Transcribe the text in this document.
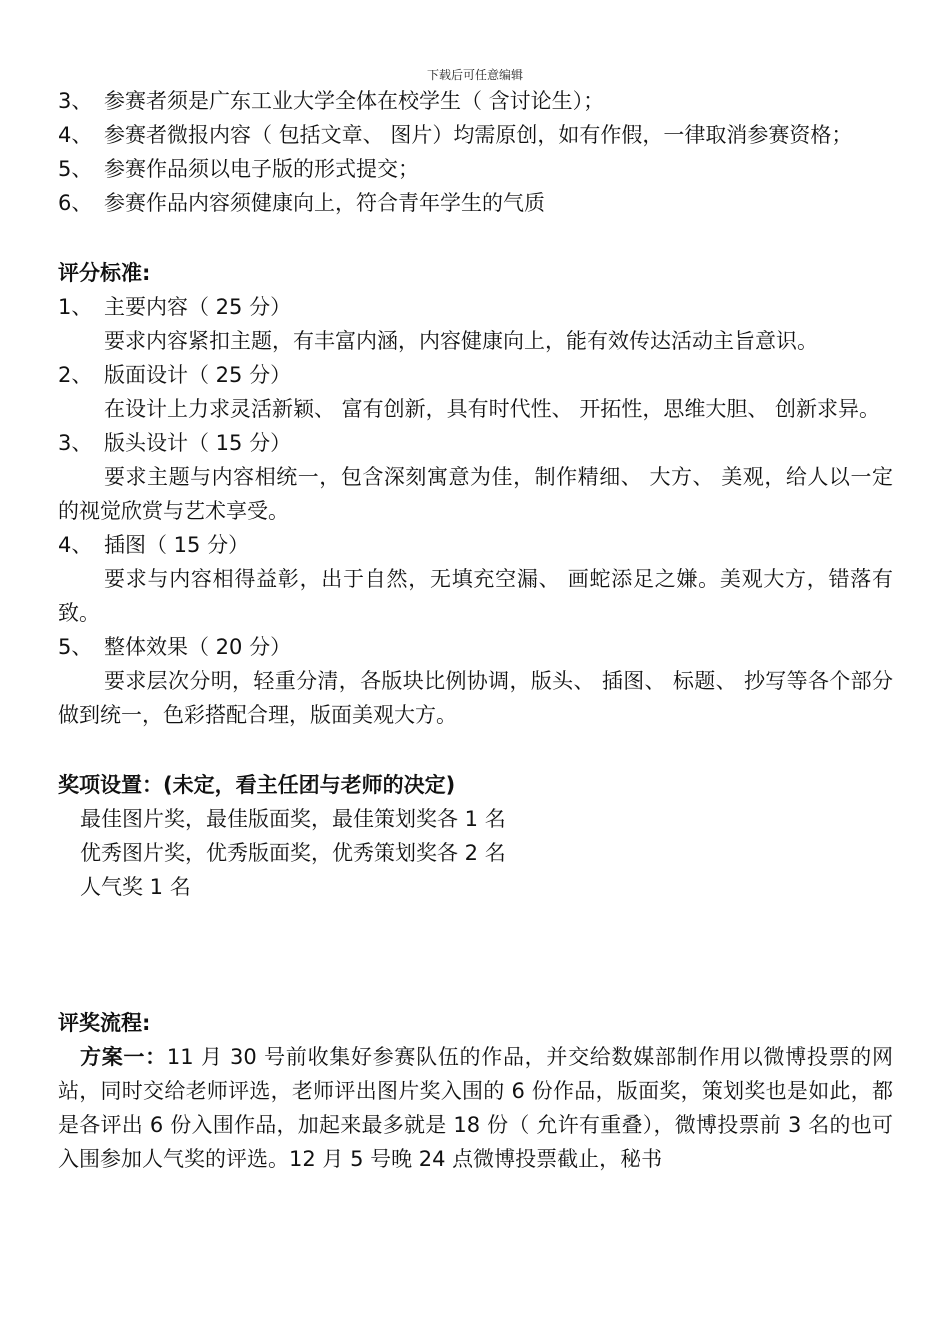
下载后可任意编辑

3、 参赛者须是广东工业大学全体在校学生（ 含讨论生）；

4、 参赛者微报内容（ 包括文章、 图片）均需原创，如有作假，一律取消参赛资格；

5、 参赛作品须以电子版的形式提交；

6、 参赛作品内容须健康向上，符合青年学生的气质

评分标准:

1、 主要内容（ 25 分）

要求内容紧扣主题，有丰富内涵，内容健康向上，能有效传达活动主旨意识。

2、 版面设计（ 25 分）

在设计上力求灵活新颖、 富有创新，具有时代性、 开拓性，思维大胆、 创新求异。

3、 版头设计（ 15 分）

要求主题与内容相统一，包含深刻寓意为佳，制作精细、 大方、 美观，给人以一定的视觉欣赏与艺术享受。

4、 插图（ 15 分）

要求与内容相得益彰，出于自然，无填充空漏、 画蛇添足之嫌。美观大方，错落有致。

5、 整体效果（ 20 分）

要求层次分明，轻重分清，各版块比例协调，版头、 插图、 标题、 抄写等各个部分做到统一，色彩搭配合理，版面美观大方。

奖项设置：(未定，看主任团与老师的决定)

最佳图片奖，最佳版面奖，最佳策划奖各 1 名

优秀图片奖，优秀版面奖，优秀策划奖各 2 名

人气奖 1 名

评奖流程:

方案一：11 月 30 号前收集好参赛队伍的作品，并交给数媒部制作用以微博投票的网站，同时交给老师评选，老师评出图片奖入围的 6 份作品，版面奖，策划奖也是如此，都是各评出 6 份入围作品，加起来最多就是 18 份（ 允许有重叠），微博投票前 3 名的也可入围参加人气奖的评选。12 月 5 号晚 24 点微博投票截止，秘书
